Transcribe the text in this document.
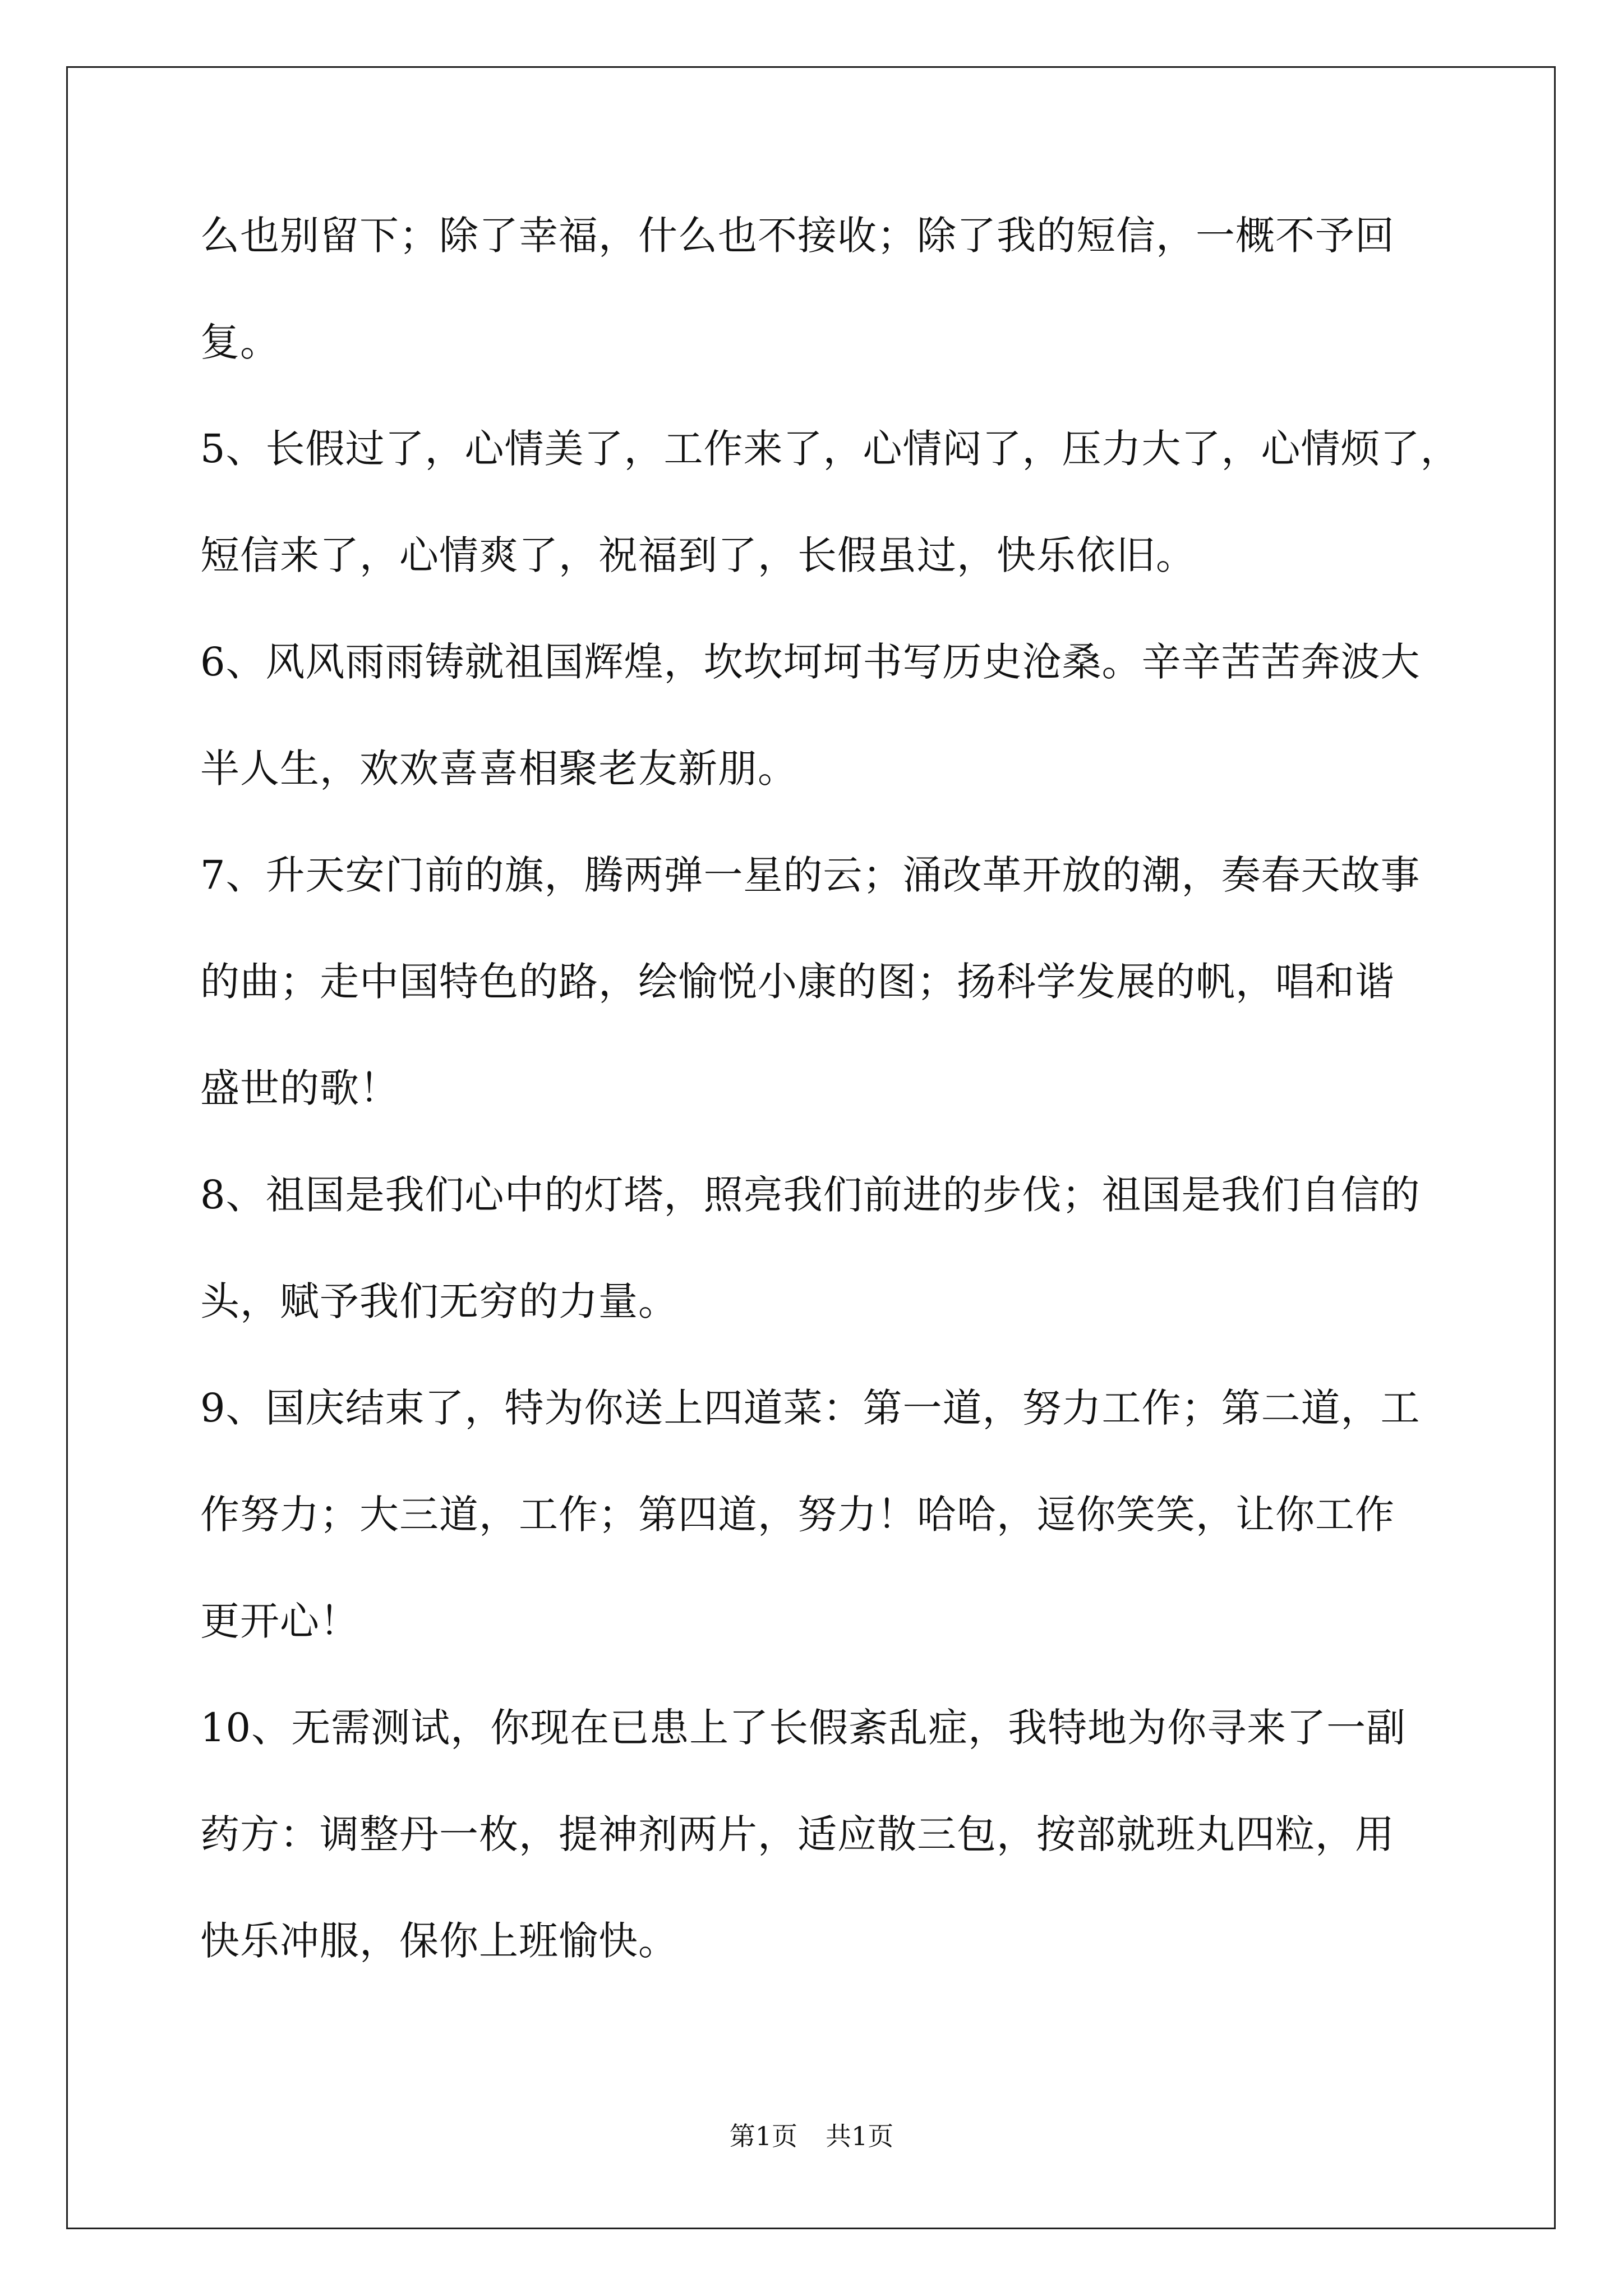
么也别留下；除了幸福，什么也不接收；除了我的短信，一概不予回
复。
5、长假过了，心情美了，工作来了，心情闷了，压力大了，心情烦了，
短信来了，心情爽了，祝福到了，长假虽过，快乐依旧。
6、风风雨雨铸就祖国辉煌，坎坎坷坷书写历史沧桑。辛辛苦苦奔波大
半人生，欢欢喜喜相聚老友新朋。
7、升天安门前的旗，腾两弹一星的云；涌改革开放的潮，奏春天故事
的曲；走中国特色的路，绘愉悦小康的图；扬科学发展的帆，唱和谐
盛世的歌！
8、祖国是我们心中的灯塔，照亮我们前进的步伐；祖国是我们自信的
头，赋予我们无穷的力量。
9、国庆结束了，特为你送上四道菜：第一道，努力工作；第二道，工
作努力；大三道，工作；第四道，努力！哈哈，逗你笑笑，让你工作
更开心！
10、无需测试，你现在已患上了长假紊乱症，我特地为你寻来了一副
药方：调整丹一枚，提神剂两片，适应散三包，按部就班丸四粒，用
快乐冲服，保你上班愉快。
第1页 共1页
